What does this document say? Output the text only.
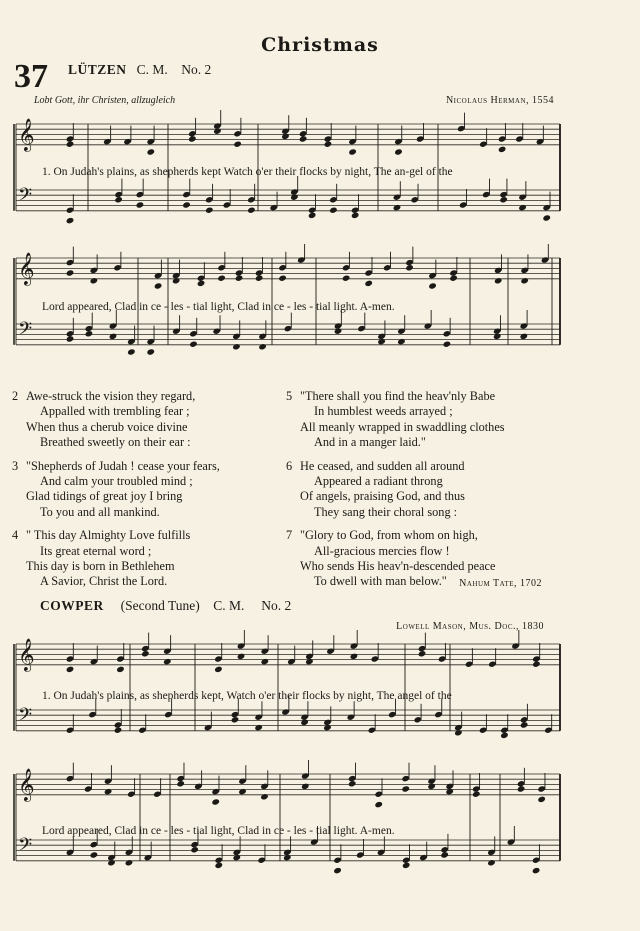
Christmas
37 LÜTZEN C. M. No. 2
Lobt Gott, ihr Christen, allzugleich	Nicolaus Herman, 1554
𝄞
𝄢
1. On Judah's plains, as shepherds kept Watch o'er their flocks by night, The an-gel of the
𝄞
𝄢
Lord appeared, Clad in ce - les - tial light, Clad in ce - les - tial light. A-men.
2 Awe-struck the vision they regard,
Appalled with trembling fear ;
When thus a cherub voice divine
Breathed sweetly on their ear :
3 "Shepherds of Judah ! cease your fears,
And calm your troubled mind ;
Glad tidings of great joy I bring
To you and all mankind.
4 " This day Almighty Love fulfills
Its great eternal word ;
This day is born in Bethlehem
A Savior, Christ the Lord.
5 "There shall you find the heav'nly Babe
In humblest weeds arrayed ;
All meanly wrapped in swaddling clothes
And in a manger laid."
6 He ceased, and sudden all around
Appeared a radiant throng
Of angels, praising God, and thus
They sang their choral song :
7 "Glory to God, from whom on high,
All-gracious mercies flow !
Who sends His heav'n-descended peace
To dwell with man below."	Nahum Tate, 1702
COWPER (Second Tune) C. M. No. 2
Lowell Mason, Mus. Doc., 1830
𝄞
𝄢
1. On Judah's plains, as shepherds kept, Watch o'er their flocks by night, The angel of the
𝄞
𝄢
Lord appeared, Clad in ce - les - tial light, Clad in ce - les - tial light. A-men.
